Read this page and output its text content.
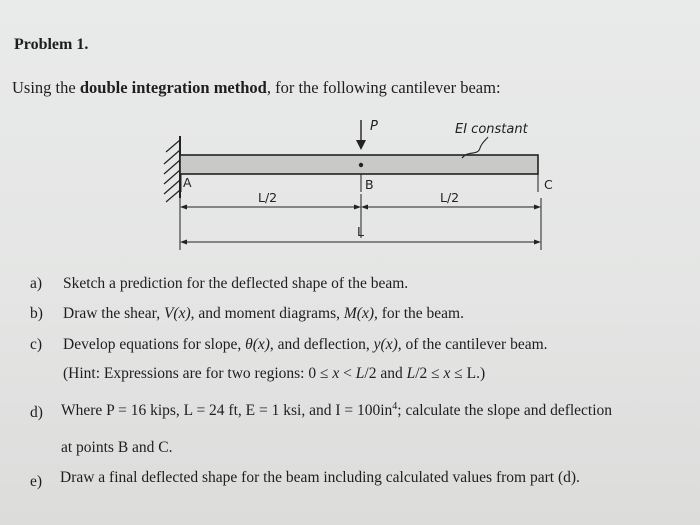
Problem 1.
Using the double integration method, for the following cantilever beam:
P	EI constant
A	B	C
L/2	L/2
L
a) Sketch a prediction for the deflected shape of the beam.
b) Draw the shear, V(x), and moment diagrams, M(x), for the beam.
c) Develop equations for slope, θ(x), and deflection, y(x), of the cantilever beam.
(Hint: Expressions are for two regions: 0 ≤ x < L/2 and L/2 ≤ x ≤ L.)
d) Where P = 16 kips, L = 24 ft, E = 1 ksi, and $I = 100in^4$; calculate the slope and deflection
at points B and C.
e) Draw a final deflected shape for the beam including calculated values from part (d).
